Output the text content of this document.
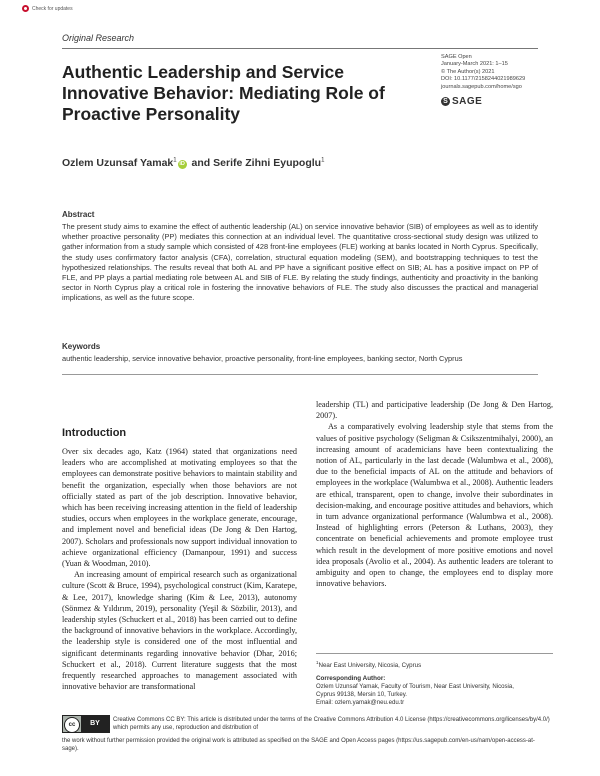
Check for updates
Original Research
Authentic Leadership and Service Innovative Behavior: Mediating Role of Proactive Personality
SAGE Open
January-March 2021: 1–15
© The Author(s) 2021
DOI: 10.1177/2158244021989629
journals.sagepub.com/home/sgo
S SAGE
Ozlem Uzunsaf Yamak$^1$iD and Serife Zihni Eyupoglu$^1$
Abstract

The present study aims to examine the effect of authentic leadership (AL) on service innovative behavior (SIB) of employees as well as to identify whether proactive personality (PP) mediates this connection at an individual level. The quantitative cross-sectional study design was utilized to gather information from a study sample which consisted of 428 front-line employees (FLE) working at banks located in North Cyprus. Specifically, the study uses confirmatory factor analysis (CFA), correlation, structural equation modeling (SEM), and bootstrapping techniques to test the hypothesized relationships. The results reveal that both AL and PP have a significant positive effect on SIB; AL has a positive impact on PP of FLE, and PP plays a partial mediating role between AL and SIB of FLE. By relating the study findings, authenticity and proactivity in the banking sector in North Cyprus play a critical role in fostering the innovative behaviors of FLE. The study also discusses the practical and managerial implications, as well as the future scope.

Keywords
authentic leadership, service innovative behavior, proactive personality, front-line employees, banking sector, North Cyprus
Introduction

Over six decades ago, Katz (1964) stated that organizations need leaders who are accomplished at motivating employees so that the employees can demonstrate positive behaviors to maintain stability and benefit the organization, especially when those behaviors are not officially stated as part of the job description. Innovative behavior, which has been receiving increasing attention in the field of leadership studies, occurs when employees in the workplace generate, encourage, and implement novel and beneficial ideas (De Jong & Den Hartog, 2007). Scholars and professionals now support individual innovation to achieve organizational efficiency (Damanpour, 1991) and success (Yuan & Woodman, 2010).

An increasing amount of empirical research such as organizational culture (Scott & Bruce, 1994), psychological construct (Kim, Karatepe, & Lee, 2017), knowledge sharing (Kim & Lee, 2013), autonomy (Sönmez & Yıldırım, 2019), personality (Yeşil & Sözbilir, 2013), and leadership styles (Schuckert et al., 2018) has been carried out to define the background of innovative behaviors in the workplace. Accordingly, the leadership style is considered one of the most influential and significant determinants regarding innovative behavior (Dhar, 2016; Schuckert et al., 2018). Current literature suggests that the most frequently researched approaches to management associated with innovative behavior are transformational

leadership (TL) and participative leadership (De Jong & Den Hartog, 2007).

As a comparatively evolving leadership style that stems from the values of positive psychology (Seligman & Csikszentmihalyi, 2000), an increasing amount of academicians have been contextualizing the notion of AL, particularly in the last decade (Walumbwa et al., 2008), due to the beneficial impacts of AL on the attitude and behaviors of employees in the workplace (Walumbwa et al., 2008). Authentic leaders are ethical, transparent, open to change, involve their subordinates in decision-making, and encourage positive attitudes and behaviors, which in turn advance organizational performance (Walumbwa et al., 2008). Instead of highlighting errors (Peterson & Luthans, 2003), they concentrate on beneficial achievements and promote employee trust which result in the development of more positive emotions and novel idea proposals (Avolio et al., 2004). As authentic leaders are tolerant to ambiguity and open to change, the employees end to display more innovative behaviors.

$^1$Near East University, Nicosia, Cyprus
Corresponding Author:
Ozlem Uzunsaf Yamak, Faculty of Tourism, Near East University, Nicosia,
Cyprus 99138, Mersin 10, Turkey.
Email: ozlem.yamak@neu.edu.tr
cc	BY	Creative Commons CC BY: This article is distributed under the terms of the Creative Commons Attribution 4.0 License (https://creativecommons.org/licenses/by/4.0/) which permits any use, reproduction and distribution of
the work without further permission provided the original work is attributed as specified on the SAGE and Open Access pages (https://us.sagepub.com/en-us/nam/open-access-at-sage).
